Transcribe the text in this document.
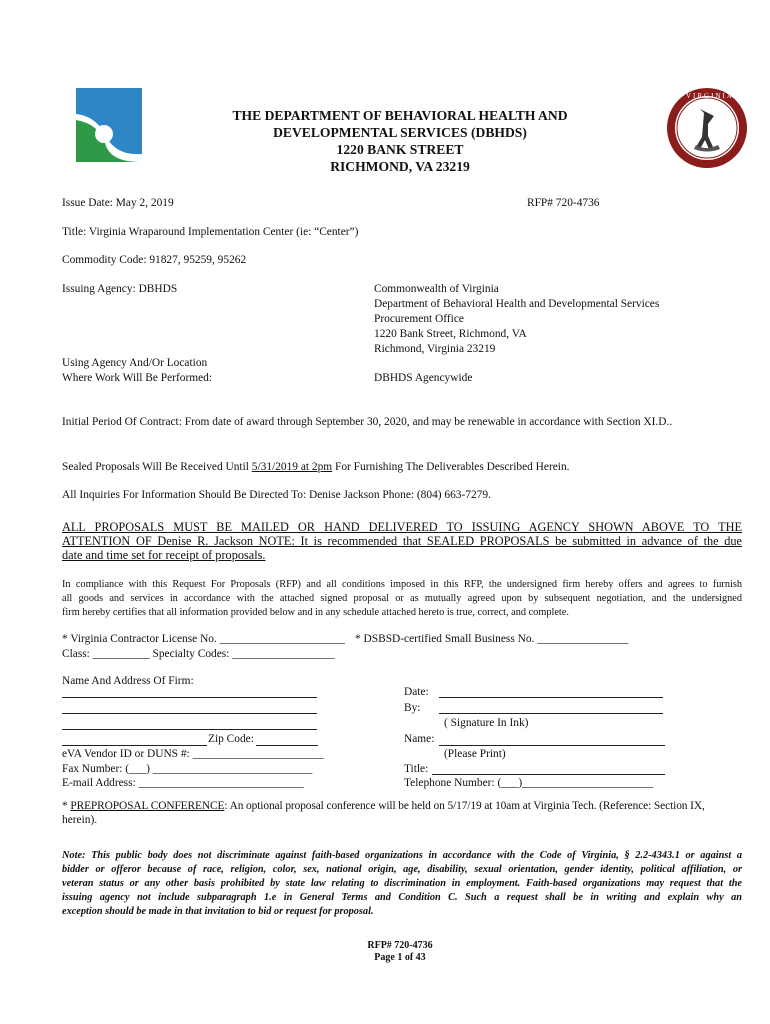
VIRGINIA
THE DEPARTMENT OF BEHAVIORAL HEALTH AND
DEVELOPMENTAL SERVICES (DBHDS)
1220 BANK STREET
RICHMOND, VA 23219
Issue Date: May 2, 2019	RFP# 720-4736
Title: Virginia Wraparound Implementation Center (ie: “Center”)
Commodity Code: 91827, 95259, 95262
Issuing Agency: DBHDS	Commonwealth of Virginia
Department of Behavioral Health and Developmental Services
Procurement Office
1220 Bank Street, Richmond, VA
Richmond, Virginia 23219
Using Agency And/Or Location
Where Work Will Be Performed:	DBHDS Agencywide
Initial Period Of Contract: From date of award through September 30, 2020, and may be renewable in accordance with Section XI.D..
Sealed Proposals Will Be Received Until 5/31/2019 at 2pm For Furnishing The Deliverables Described Herein.
All Inquiries For Information Should Be Directed To: Denise Jackson Phone: (804) 663-7279.
ALL PROPOSALS MUST BE MAILED OR HAND DELIVERED TO ISSUING AGENCY SHOWN ABOVE TO THE
ATTENTION OF Denise R. Jackson NOTE: It is recommended that SEALED PROPOSALS be submitted in advance of the due
date and time set for receipt of proposals.
In compliance with this Request For Proposals (RFP) and all conditions imposed in this RFP, the undersigned firm hereby offers and agrees to furnish
all goods and services in accordance with the attached signed proposal or as mutually agreed upon by subsequent negotiation, and the undersigned
firm hereby certifies that all information provided below and in any schedule attached hereto is true, correct, and complete.
* Virginia Contractor License No. ______________________ * DSBSD-certified Small Business No. ________________
Class: __________ Specialty Codes: __________________
Name And Address Of Firm:
Zip Code:
eVA Vendor ID or DUNS #: _______________________
Fax Number: (___) ____________________________
E-mail Address: _____________________________
Date:
By:
( Signature In Ink)
Name:
(Please Print)
Title:
Telephone Number: (___)_______________________
* PREPROPOSAL CONFERENCE: An optional proposal conference will be held on 5/17/19 at 10am at Virginia Tech. (Reference: Section IX,
herein).
Note: This public body does not discriminate against faith-based organizations in accordance with the Code of Virginia, § 2.2-4343.1 or against a
bidder or offeror because of race, religion, color, sex, national origin, age, disability, sexual orientation, gender identity, political affiliation, or
veteran status or any other basis prohibited by state law relating to discrimination in employment. Faith-based organizations may request that the
issuing agency not include subparagraph 1.e in General Terms and Condition C. Such a request shall be in writing and explain why an
exception should be made in that invitation to bid or request for proposal.
RFP# 720-4736
Page 1 of 43
